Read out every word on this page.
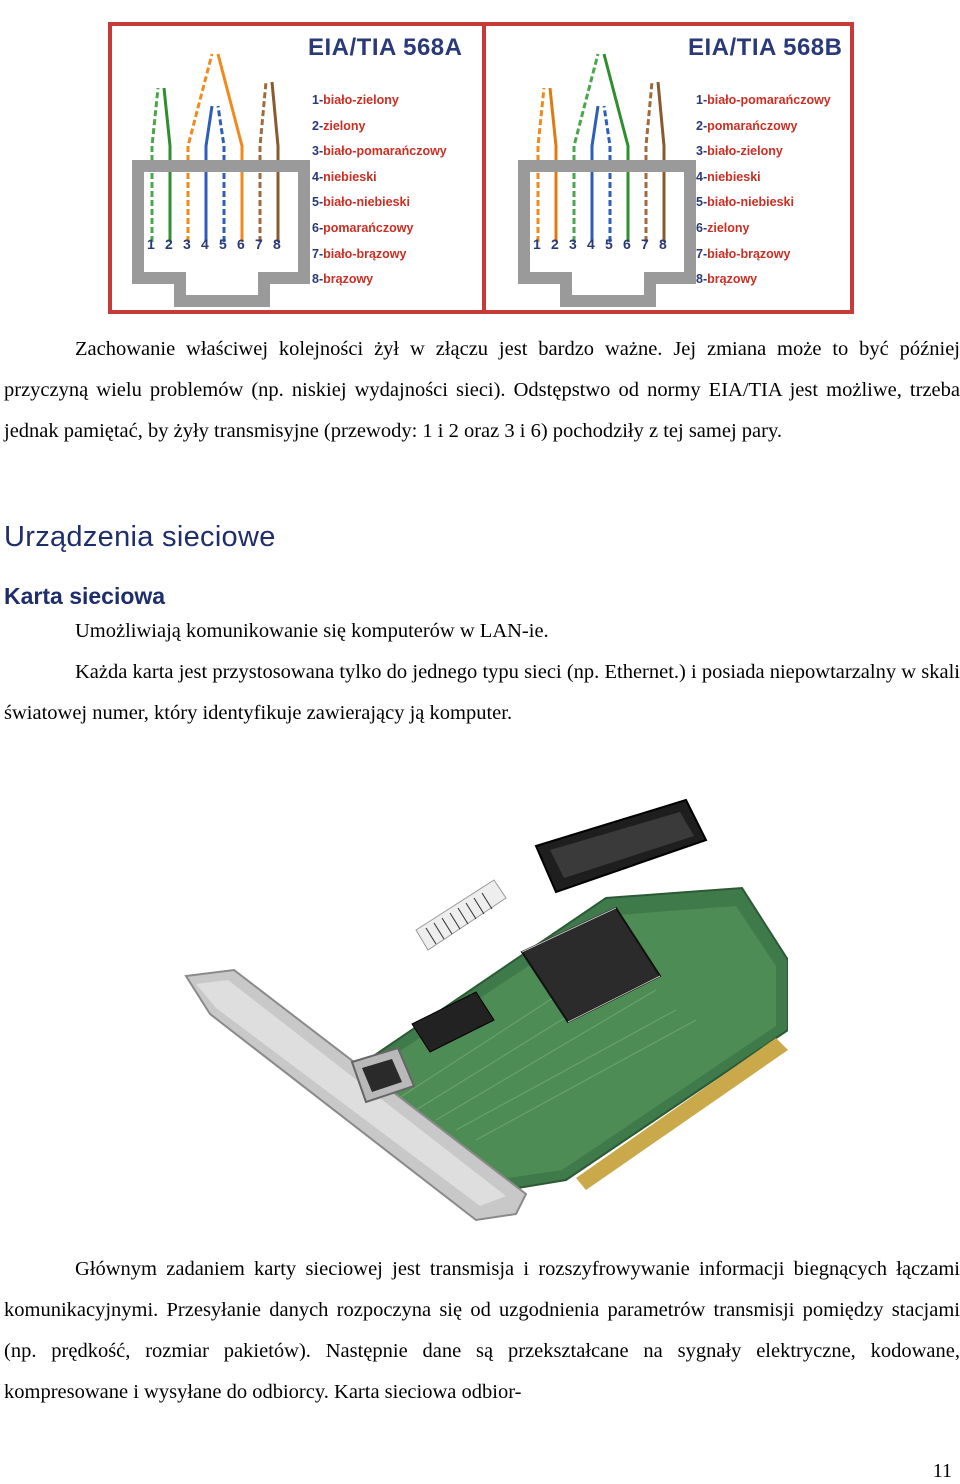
1 2 3 4 5 6 7 8
EIA/TIA 568A
1-biało-zielony
2-zielony
3-biało-pomarańczowy
4-niebieski
5-biało-niebieski
6-pomarańczowy
7-biało-brązowy
8-brązowy
1 2 3 4 5 6 7 8
EIA/TIA 568B
1-biało-pomarańczowy
2-pomarańczowy
3-biało-zielony
4-niebieski
5-biało-niebieski
6-zielony
7-biało-brązowy
8-brązowy

Zachowanie właściwej kolejności żył w złączu jest bardzo ważne. Jej zmiana może to być później przyczyną wielu problemów (np. niskiej wydajności sieci). Odstępstwo od normy EIA/TIA jest możliwe, trzeba jednak pamiętać, by żyły transmisyjne (przewody: 1 i 2 oraz 3 i 6) pochodziły z tej samej pary.

Urządzenia sieciowe
Karta sieciowa

Umożliwiają komunikowanie się komputerów w LAN-ie.

Każda karta jest przystosowana tylko do jednego typu sieci (np. Ethernet.) i posiada niepowtarzalny w skali światowej numer, który identyfikuje zawierający ją komputer.

Głównym zadaniem karty sieciowej jest transmisja i rozszyfrowywanie informacji biegnących łączami komunikacyjnymi. Przesyłanie danych rozpoczyna się od uzgodnienia parametrów transmisji pomiędzy stacjami (np. prędkość, rozmiar pakietów). Następnie dane są przekształcane na sygnały elektryczne, kodowane, kompresowane i wysyłane do odbiorcy. Karta sieciowa odbior-

11
